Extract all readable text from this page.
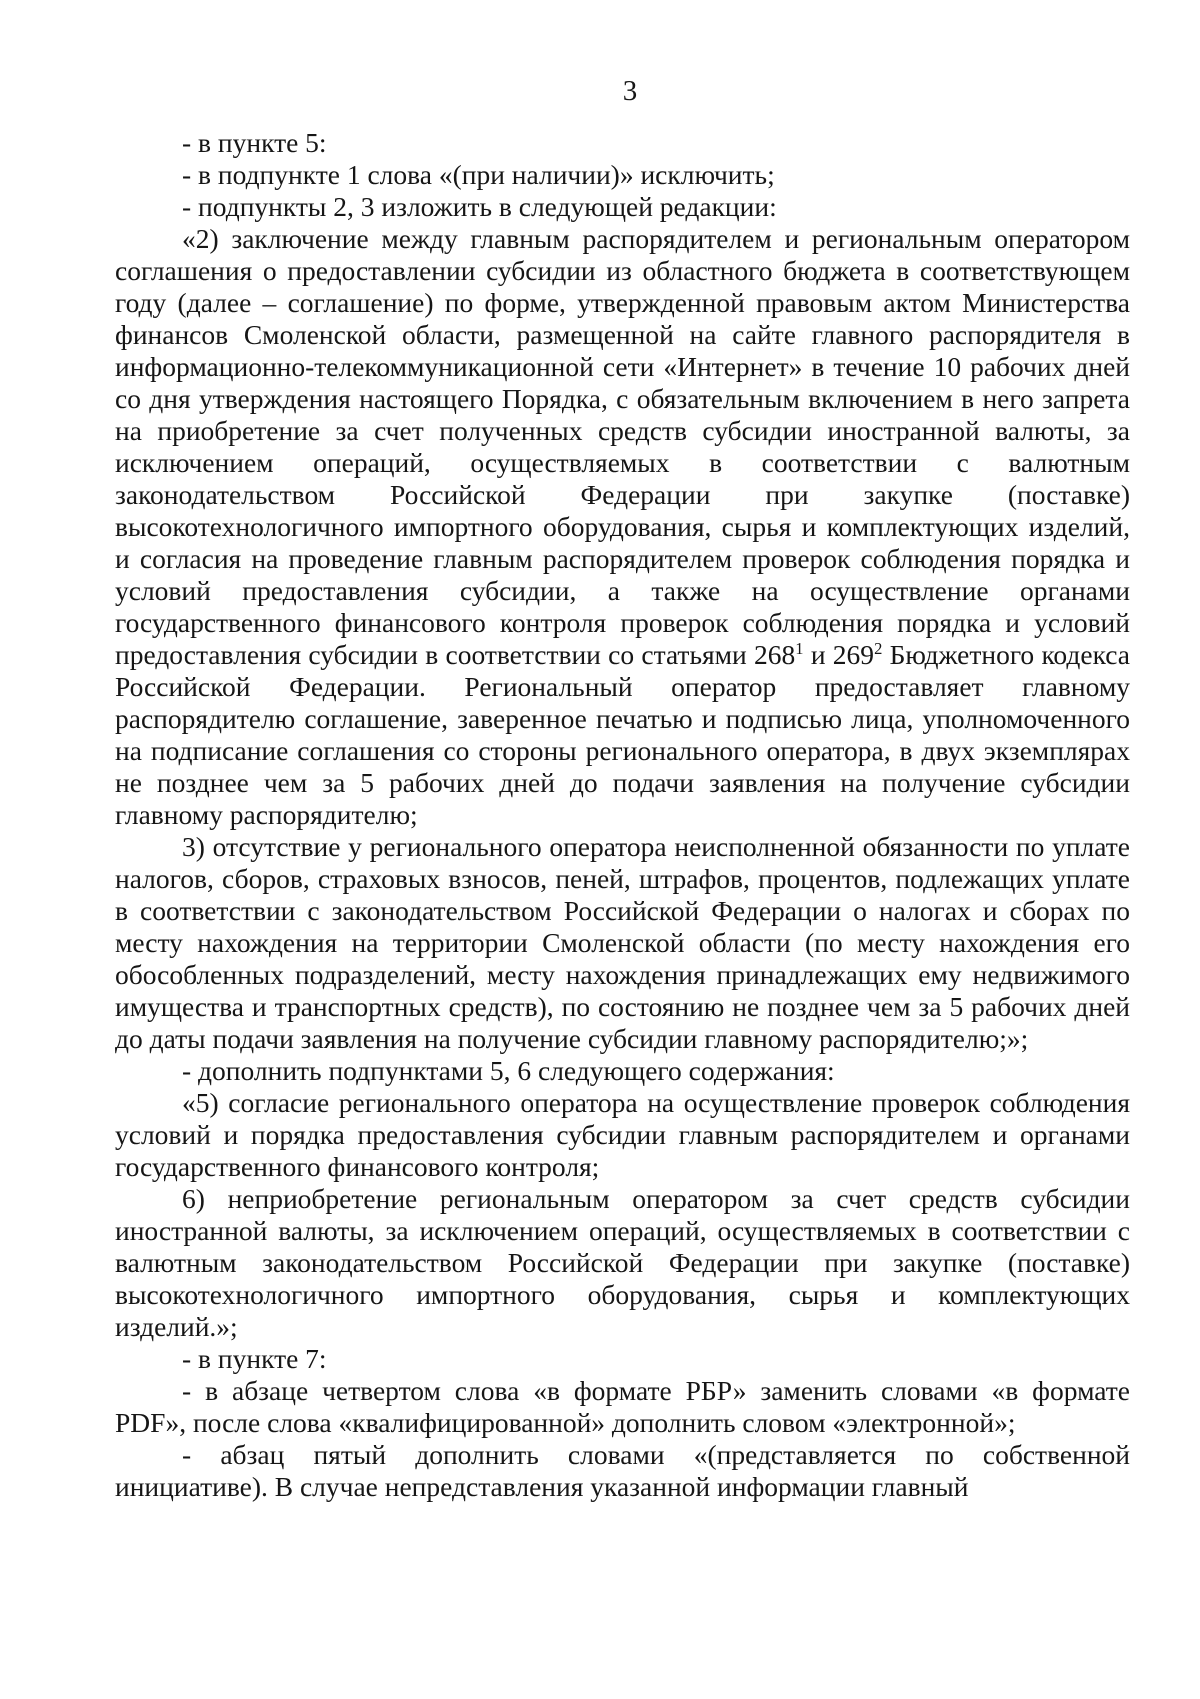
3

- в пункте 5:

- в подпункте 1 слова «(при наличии)» исключить;

- подпункты 2, 3 изложить в следующей редакции:

«2) заключение между главным распорядителем и региональным оператором соглашения о предоставлении субсидии из областного бюджета в соответствующем году (далее – соглашение) по форме, утвержденной правовым актом Министерства финансов Смоленской области, размещенной на сайте главного распорядителя в информационно-телекоммуникационной сети «Интернет» в течение 10 рабочих дней со дня утверждения настоящего Порядка, с обязательным включением в него запрета на приобретение за счет полученных средств субсидии иностранной валюты, за исключением операций, осуществляемых в соответствии с валютным законодательством Российской Федерации при закупке (поставке) высокотехнологичного импортного оборудования, сырья и комплектующих изделий, и согласия на проведение главным распорядителем проверок соблюдения порядка и условий предоставления субсидии, а также на осуществление органами государственного финансового контроля проверок соблюдения порядка и условий предоставления субсидии в соответствии со статьями $268^1$ и $269^2$ Бюджетного кодекса Российской Федерации. Региональный оператор предоставляет главному распорядителю соглашение, заверенное печатью и подписью лица, уполномоченного на подписание соглашения со стороны регионального оператора, в двух экземплярах не позднее чем за 5 рабочих дней до подачи заявления на получение субсидии главному распорядителю;

3) отсутствие у регионального оператора неисполненной обязанности по уплате налогов, сборов, страховых взносов, пеней, штрафов, процентов, подлежащих уплате в соответствии с законодательством Российской Федерации о налогах и сборах по месту нахождения на территории Смоленской области (по месту нахождения его обособленных подразделений, месту нахождения принадлежащих ему недвижимого имущества и транспортных средств), по состоянию не позднее чем за 5 рабочих дней до даты подачи заявления на получение субсидии главному распорядителю;»;

- дополнить подпунктами 5, 6 следующего содержания:

«5) согласие регионального оператора на осуществление проверок соблюдения условий и порядка предоставления субсидии главным распорядителем и органами государственного финансового контроля;

6) неприобретение региональным оператором за счет средств субсидии иностранной валюты, за исключением операций, осуществляемых в соответствии с валютным законодательством Российской Федерации при закупке (поставке) высокотехнологичного импортного оборудования, сырья и комплектующих изделий.»;

- в пункте 7:

- в абзаце четвертом слова «в формате РБР» заменить словами «в формате PDF», после слова «квалифицированной» дополнить словом «электронной»;

- абзац пятый дополнить словами «(представляется по собственной инициативе). В случае непредставления указанной информации главный
